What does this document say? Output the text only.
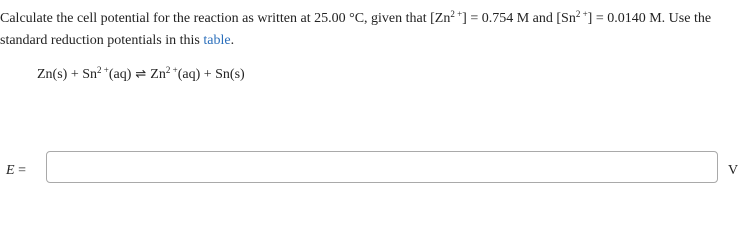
Calculate the cell potential for the reaction as written at 25.00 °C, given that $[Zn^{2 +}] = 0.754$ M and $[Sn^{2 +}] = 0.0140$ M. Use the standard reduction potentials in this table.
$Zn(s) + Sn^{2 +}(aq)$ ⇌ $Zn^{2 +}(aq) + Sn(s)$
E =	V
